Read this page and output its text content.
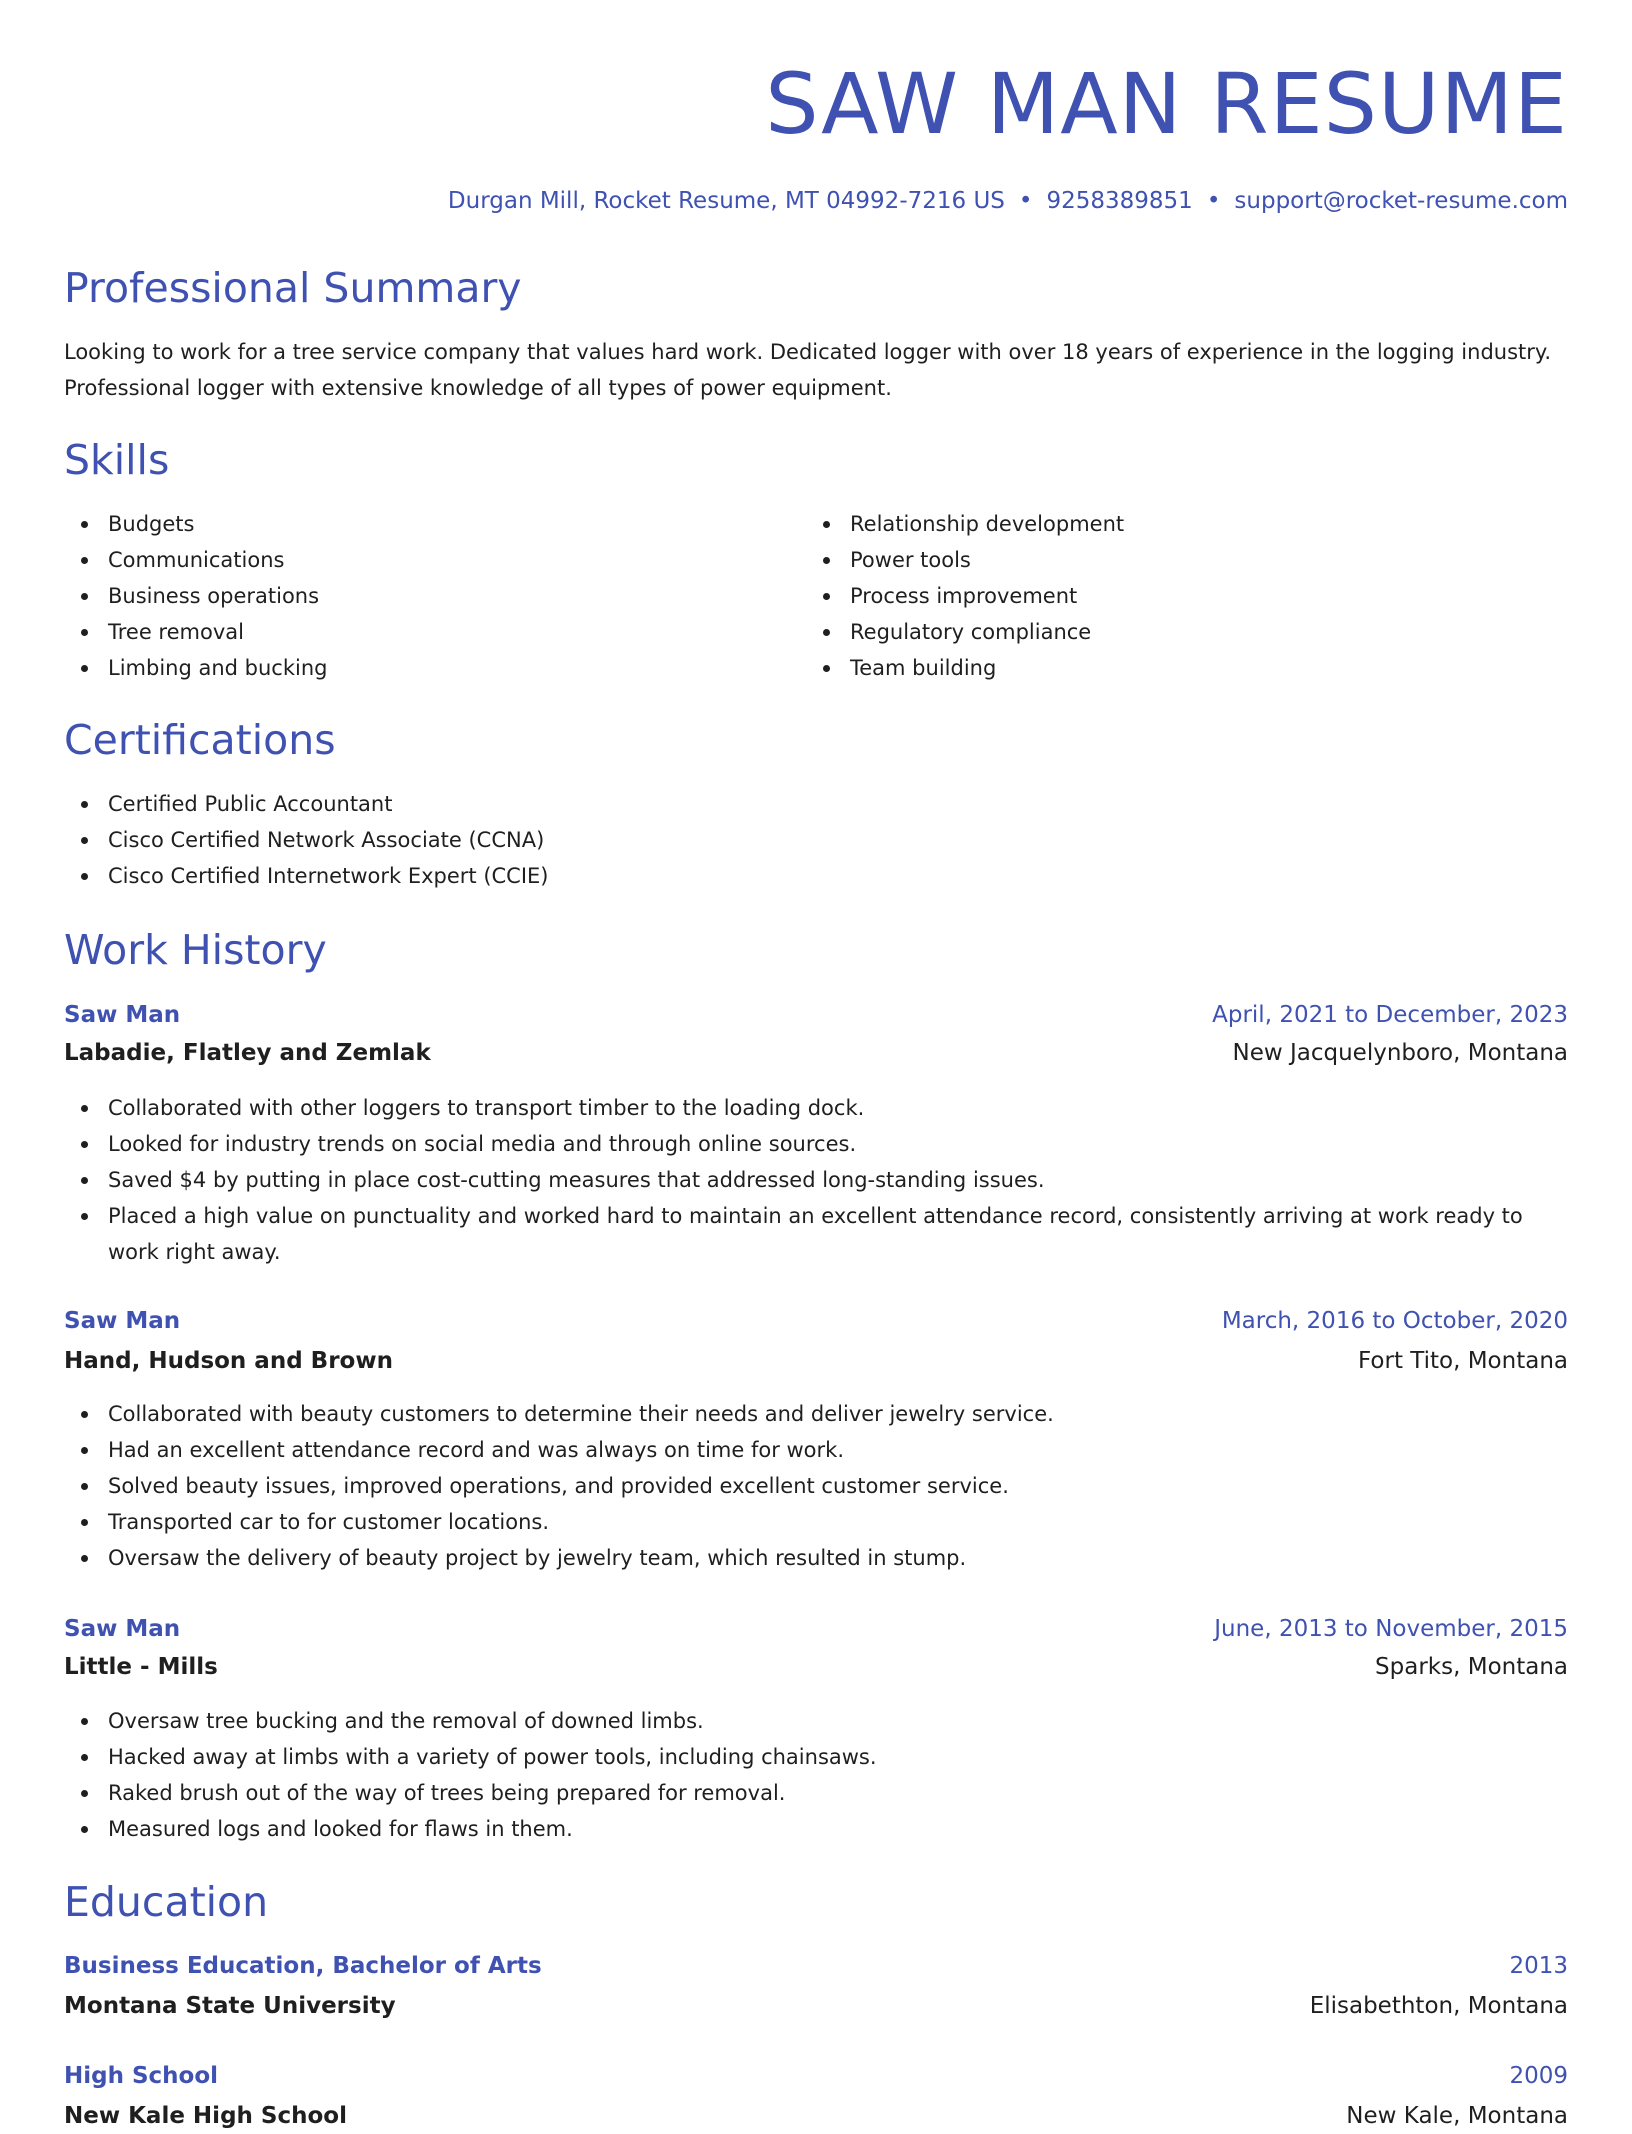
SAW MAN RESUME
Durgan Mill, Rocket Resume, MT 04992-7216 US • 9258389851 • support@rocket-resume.com
Professional Summary

Looking to work for a tree service company that values hard work. Dedicated logger with over 18 years of experience in the logging industry. Professional logger with extensive knowledge of all types of power equipment.

Skills
Budgets
Communications
Business operations
Tree removal
Limbing and bucking
Relationship development
Power tools
Process improvement
Regulatory compliance
Team building
Certifications
Certified Public Accountant
Cisco Certified Network Associate (CCNA)
Cisco Certified Internetwork Expert (CCIE)
Work History
Saw Man	April, 2021 to December, 2023
Labadie, Flatley and Zemlak	New Jacquelynboro, Montana
Collaborated with other loggers to transport timber to the loading dock.
Looked for industry trends on social media and through online sources.
Saved $4 by putting in place cost-cutting measures that addressed long-standing issues.
Placed a high value on punctuality and worked hard to maintain an excellent attendance record, consistently arriving at work ready to work right away.
Saw Man	March, 2016 to October, 2020
Hand, Hudson and Brown	Fort Tito, Montana
Collaborated with beauty customers to determine their needs and deliver jewelry service.
Had an excellent attendance record and was always on time for work.
Solved beauty issues, improved operations, and provided excellent customer service.
Transported car to for customer locations.
Oversaw the delivery of beauty project by jewelry team, which resulted in stump.
Saw Man	June, 2013 to November, 2015
Little - Mills	Sparks, Montana
Oversaw tree bucking and the removal of downed limbs.
Hacked away at limbs with a variety of power tools, including chainsaws.
Raked brush out of the way of trees being prepared for removal.
Measured logs and looked for flaws in them.
Education
Business Education, Bachelor of Arts	2013
Montana State University	Elisabethton, Montana
High School	2009
New Kale High School	New Kale, Montana
